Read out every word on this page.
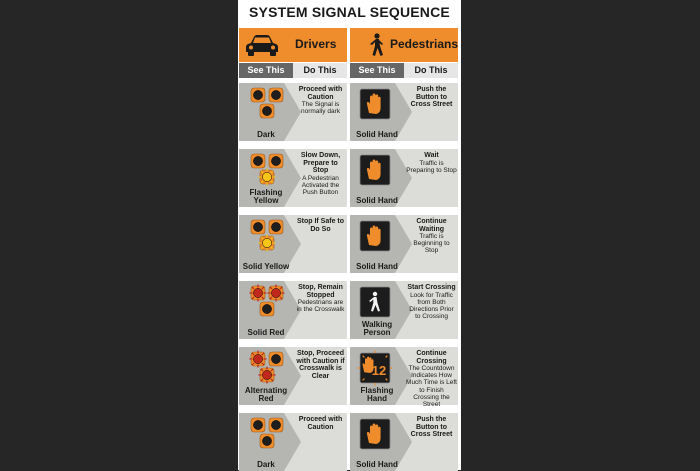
SYSTEM SIGNAL SEQUENCE
Drivers
See This	Do This
Dark
Proceed with Caution
The Signal is normally dark
Flashing Yellow
Slow Down, Prepare to Stop
A Pedestrian Activated the Push Button
Solid Yellow
Stop If Safe to Do So
Solid Red
Stop, Remain Stopped
Pedestrians are in the Crosswalk
Alternating Red
Stop, Proceed with Caution if Crosswalk is Clear
Dark
Proceed with Caution
Pedestrians
See This	Do This
Solid Hand
Push the Button to Cross Street
Solid Hand
Wait
Traffic is Preparing to Stop
Solid Hand
Continue Waiting
Traffic is Beginning to Stop
Walking Person
Start Crossing
Look for Traffic from Both Directions Prior to Crossing
12
Flashing Hand
Continue Crossing
The Countdown Indicates How Much Time is Left to Finish Crossing the Street
Solid Hand
Push the Button to Cross Street
